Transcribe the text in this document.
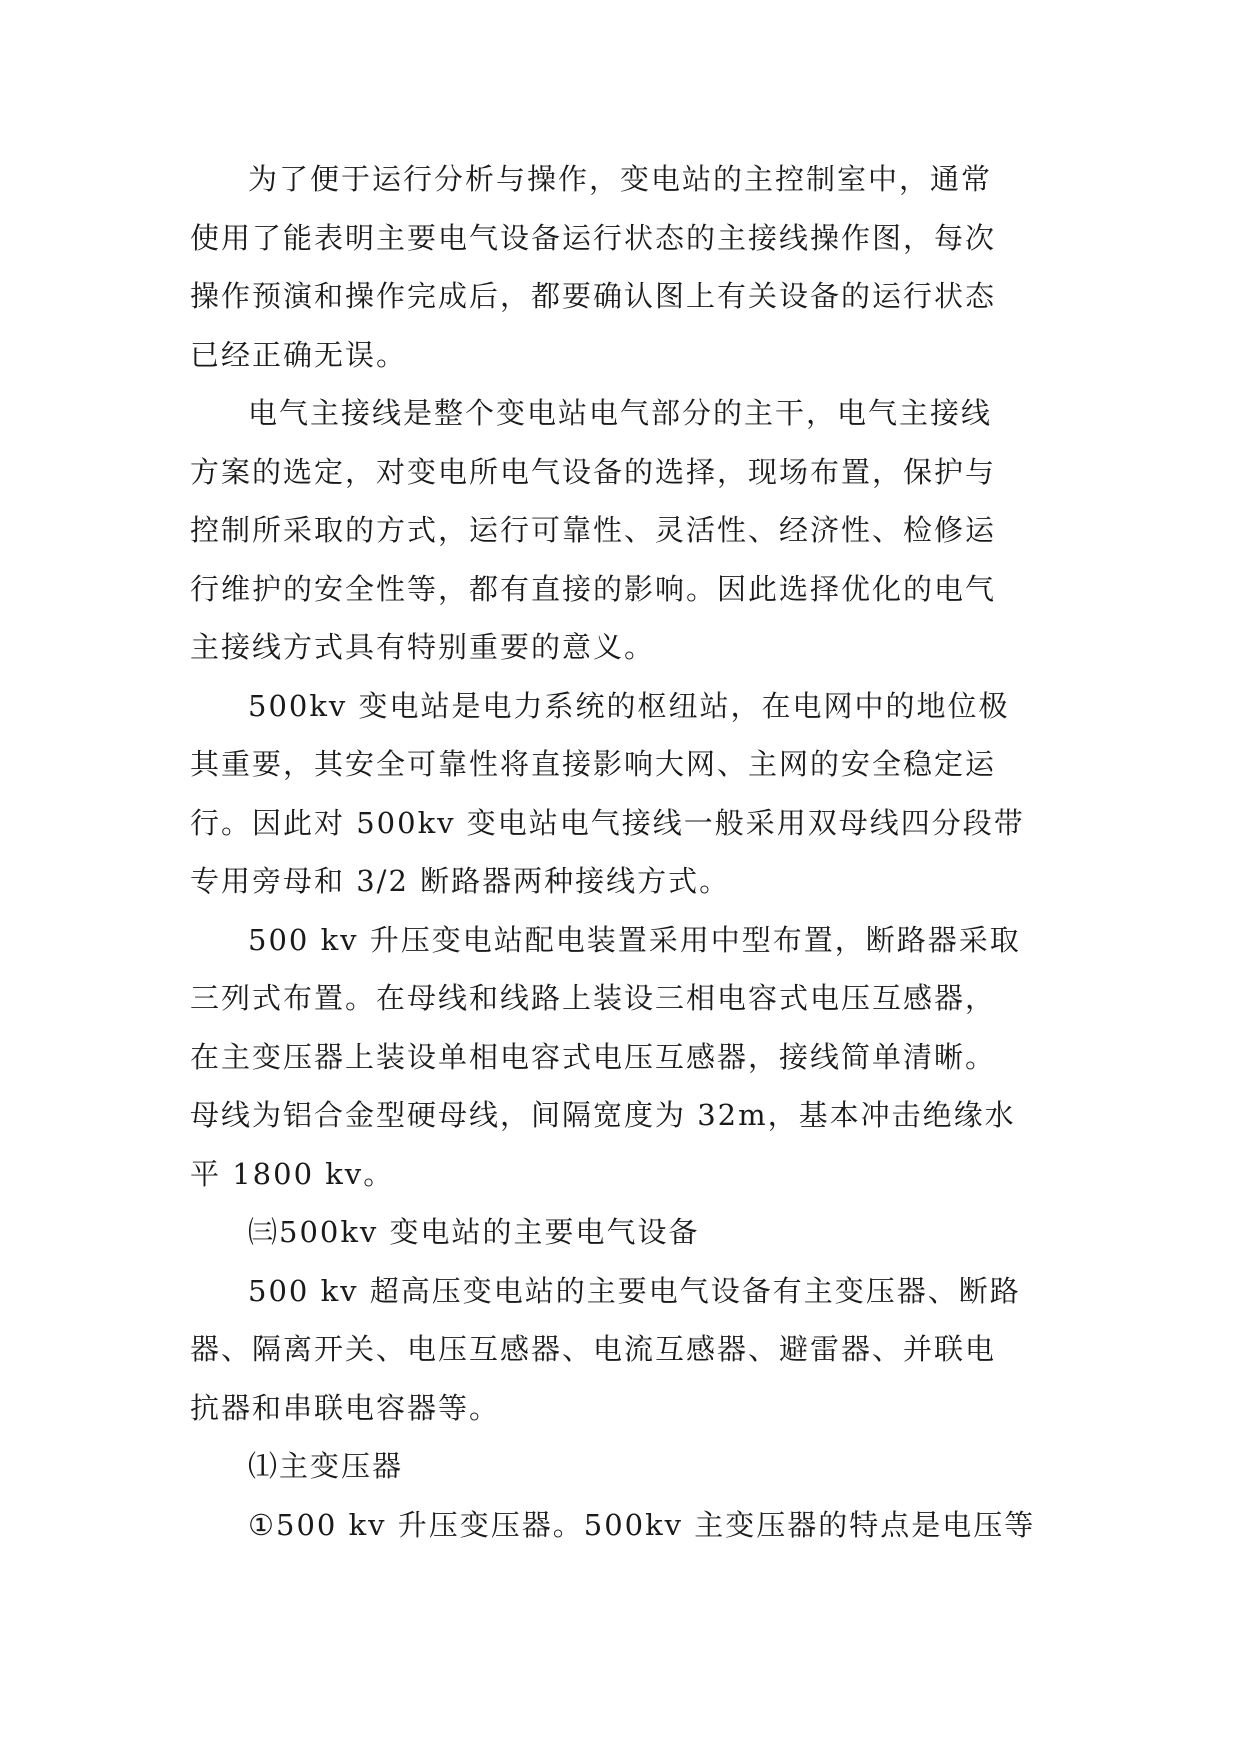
为了便于运行分析与操作，变电站的主控制室中，通常
使用了能表明主要电气设备运行状态的主接线操作图，每次
操作预演和操作完成后，都要确认图上有关设备的运行状态
已经正确无误。
电气主接线是整个变电站电气部分的主干，电气主接线
方案的选定，对变电所电气设备的选择，现场布置，保护与
控制所采取的方式，运行可靠性、灵活性、经济性、检修运
行维护的安全性等，都有直接的影响。因此选择优化的电气
主接线方式具有特别重要的意义。
500kv 变电站是电力系统的枢纽站，在电网中的地位极
其重要，其安全可靠性将直接影响大网、主网的安全稳定运
行。因此对 500kv 变电站电气接线一般采用双母线四分段带
专用旁母和 3/2 断路器两种接线方式。
500 kv 升压变电站配电装置采用中型布置，断路器采取
三列式布置。在母线和线路上装设三相电容式电压互感器，
在主变压器上装设单相电容式电压互感器，接线简单清晰。
母线为铝合金型硬母线，间隔宽度为 32m，基本冲击绝缘水
平 1800 kv。
㈢500kv 变电站的主要电气设备
500 kv 超高压变电站的主要电气设备有主变压器、断路
器、隔离开关、电压互感器、电流互感器、避雷器、并联电
抗器和串联电容器等。
⑴主变压器
①500 kv 升压变压器。500kv 主变压器的特点是电压等
